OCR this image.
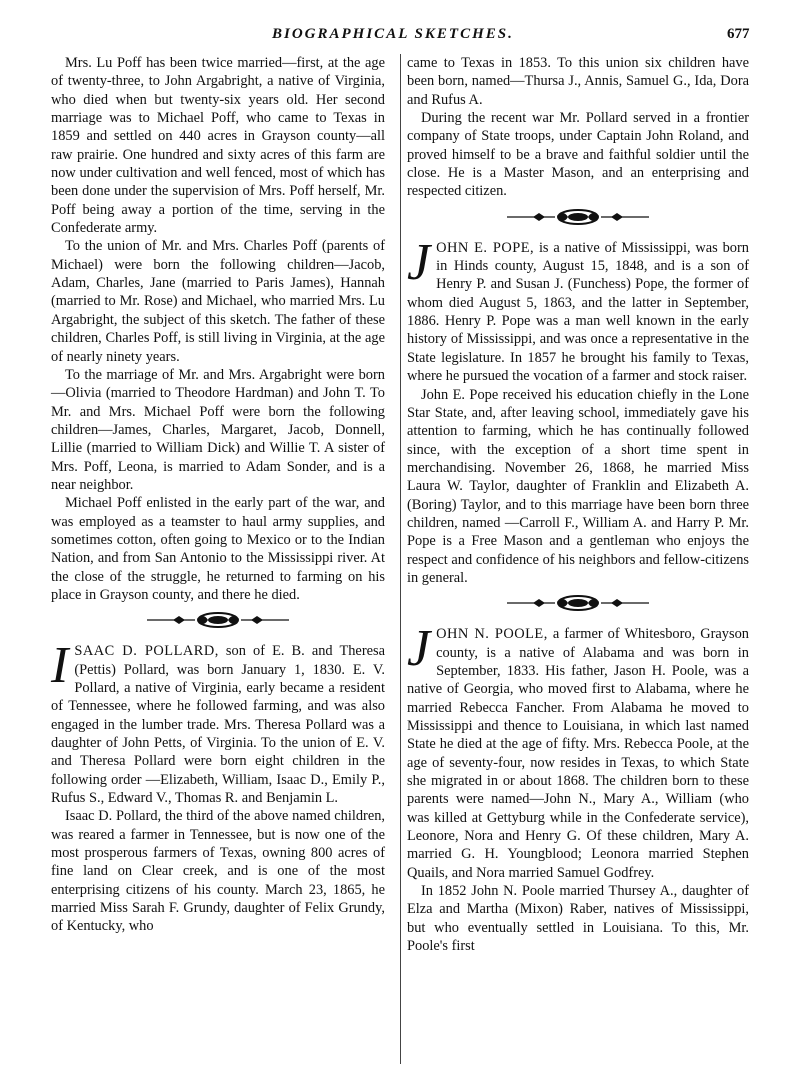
BIOGRAPHICAL SKETCHES.	677

Mrs. Lu Poff has been twice married—first, at the age of twenty-three, to John Argabright, a native of Virginia, who died when but twenty-six years old. Her second marriage was to Michael Poff, who came to Texas in 1859 and settled on 440 acres in Grayson county—all raw prairie. One hundred and sixty acres of this farm are now under cultivation and well fenced, most of which has been done under the supervision of Mrs. Poff herself, Mr. Poff being away a portion of the time, serving in the Confederate army.

To the union of Mr. and Mrs. Charles Poff (parents of Michael) were born the following children—Jacob, Adam, Charles, Jane (married to Paris James), Hannah (married to Mr. Rose) and Michael, who married Mrs. Lu Argabright, the subject of this sketch. The father of these children, Charles Poff, is still living in Virginia, at the age of nearly ninety years.

To the marriage of Mr. and Mrs. Argabright were born—Olivia (married to Theodore Hardman) and John T. To Mr. and Mrs. Michael Poff were born the following children—James, Charles, Margaret, Jacob, Donnell, Lillie (married to William Dick) and Willie T. A sister of Mrs. Poff, Leona, is married to Adam Sonder, and is a near neighbor.

Michael Poff enlisted in the early part of the war, and was employed as a teamster to haul army supplies, and sometimes cotton, often going to Mexico or to the Indian Nation, and from San Antonio to the Mississippi river. At the close of the struggle, he returned to farming on his place in Grayson county, and there he died.

ISAAC D. POLLARD, son of E. B. and Theresa (Pettis) Pollard, was born January 1, 1830. E. V. Pollard, a native of Virginia, early became a resident of Tennessee, where he followed farming, and was also engaged in the lumber trade. Mrs. Theresa Pollard was a daughter of John Petts, of Virginia. To the union of E. V. and Theresa Pollard were born eight children in the following order —Elizabeth, William, Isaac D., Emily P., Rufus S., Edward V., Thomas R. and Benjamin L.

Isaac D. Pollard, the third of the above named children, was reared a farmer in Tennessee, but is now one of the most prosperous farmers of Texas, owning 800 acres of fine land on Clear creek, and is one of the most enterprising citizens of his county. March 23, 1865, he married Miss Sarah F. Grundy, daughter of Felix Grundy, of Kentucky, who

came to Texas in 1853. To this union six children have been born, named—Thursa J., Annis, Samuel G., Ida, Dora and Rufus A.

During the recent war Mr. Pollard served in a frontier company of State troops, under Captain John Roland, and proved himself to be a brave and faithful soldier until the close. He is a Master Mason, and an enterprising and respected citizen.

JOHN E. POPE, is a native of Mississippi, was born in Hinds county, August 15, 1848, and is a son of Henry P. and Susan J. (Funchess) Pope, the former of whom died August 5, 1863, and the latter in September, 1886. Henry P. Pope was a man well known in the early history of Mississippi, and was once a representative in the State legislature. In 1857 he brought his family to Texas, where he pursued the vocation of a farmer and stock raiser.

John E. Pope received his education chiefly in the Lone Star State, and, after leaving school, immediately gave his attention to farming, which he has continually followed since, with the exception of a short time spent in merchandising. November 26, 1868, he married Miss Laura W. Taylor, daughter of Franklin and Elizabeth A. (Boring) Taylor, and to this marriage have been born three children, named —Carroll F., William A. and Harry P. Mr. Pope is a Free Mason and a gentleman who enjoys the respect and confidence of his neighbors and fellow-citizens in general.

JOHN N. POOLE, a farmer of Whitesboro, Grayson county, is a native of Alabama and was born in September, 1833. His father, Jason H. Poole, was a native of Georgia, who moved first to Alabama, where he married Rebecca Fancher. From Alabama he moved to Mississippi and thence to Louisiana, in which last named State he died at the age of fifty. Mrs. Rebecca Poole, at the age of seventy-four, now resides in Texas, to which State she migrated in or about 1868. The children born to these parents were named—John N., Mary A., William (who was killed at Gettyburg while in the Confederate service), Leonore, Nora and Henry G. Of these children, Mary A. married G. H. Youngblood; Leonora married Stephen Quails, and Nora married Samuel Godfrey.

In 1852 John N. Poole married Thursey A., daughter of Elza and Martha (Mixon) Raber, natives of Mississippi, but who eventually settled in Louisiana. To this, Mr. Poole's first
